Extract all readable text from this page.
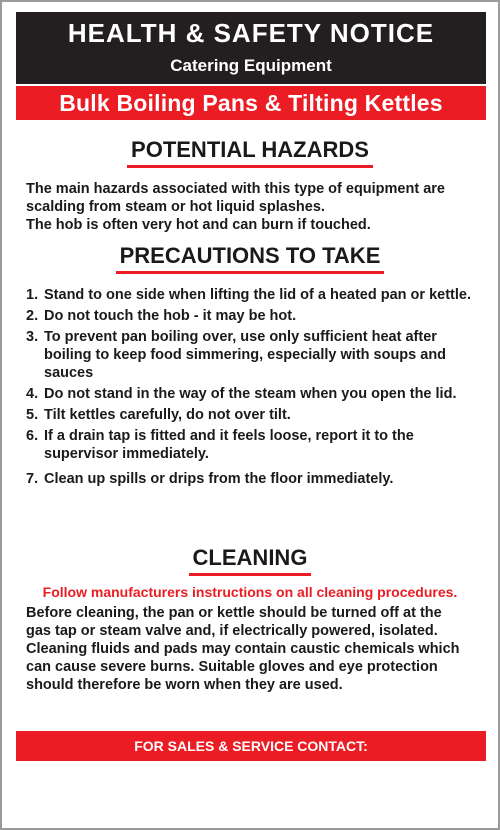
HEALTH & SAFETY NOTICE
Catering Equipment
Bulk Boiling Pans & Tilting Kettles
POTENTIAL HAZARDS
The main hazards associated with this type of equipment are
scalding from steam or hot liquid splashes.
The hob is often very hot and can burn if touched.
PRECAUTIONS TO TAKE
1. Stand to one side when lifting the lid of a heated pan or kettle.
2. Do not touch the hob - it may be hot.
3. To prevent pan boiling over, use only sufficient heat after boiling to keep food simmering, especially with soups and sauces
4. Do not stand in the way of the steam when you open the lid.
5. Tilt kettles carefully, do not over tilt.
6. If a drain tap is fitted and it feels loose, report it to the supervisor immediately.
7. Clean up spills or drips from the floor immediately.
CLEANING
Follow manufacturers instructions on all cleaning procedures.
Before cleaning, the pan or kettle should be turned off at the
gas tap or steam valve and, if electrically powered, isolated.
Cleaning fluids and pads may contain caustic chemicals which
can cause severe burns. Suitable gloves and eye protection
should therefore be worn when they are used.
FOR SALES & SERVICE CONTACT:
